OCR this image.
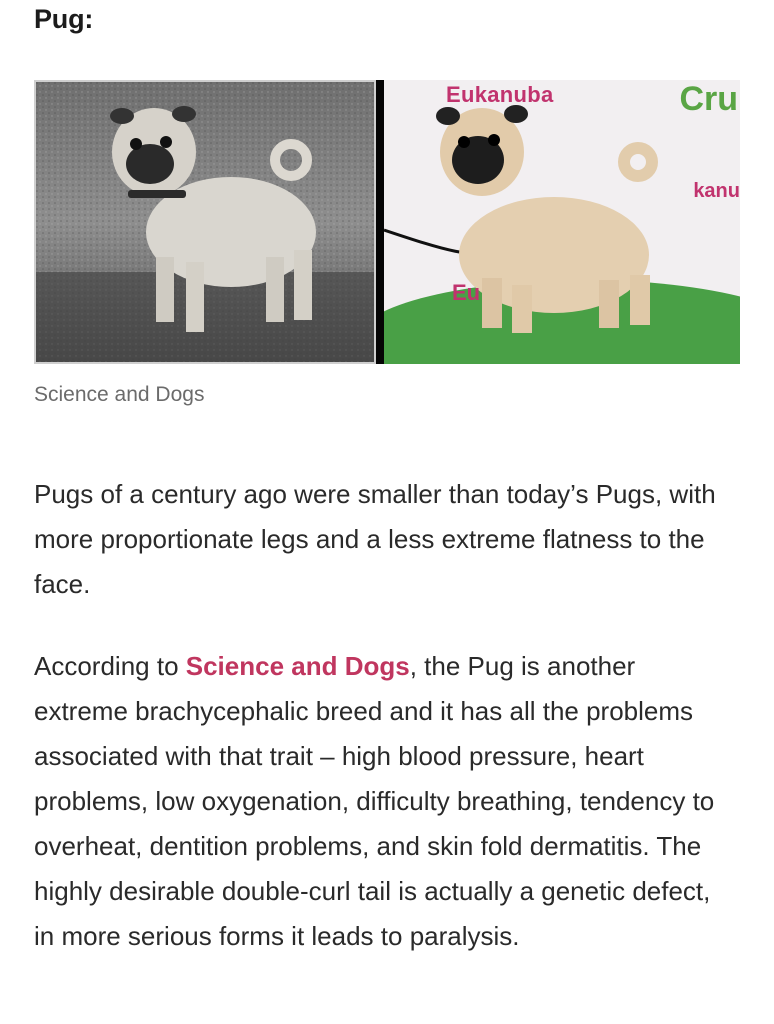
Pug:
Eukanuba	Cru
kanu
Eu
Science and Dogs

Pugs of a century ago were smaller than today’s Pugs, with more proportionate legs and a less extreme flatness to the face.

According to Science and Dogs, the Pug is another extreme brachycephalic breed and it has all the problems associated with that trait – high blood pressure, heart problems, low oxygenation, difficulty breathing, tendency to overheat, dentition problems, and skin fold dermatitis. The highly desirable double-curl tail is actually a genetic defect, in more serious forms it leads to paralysis.
